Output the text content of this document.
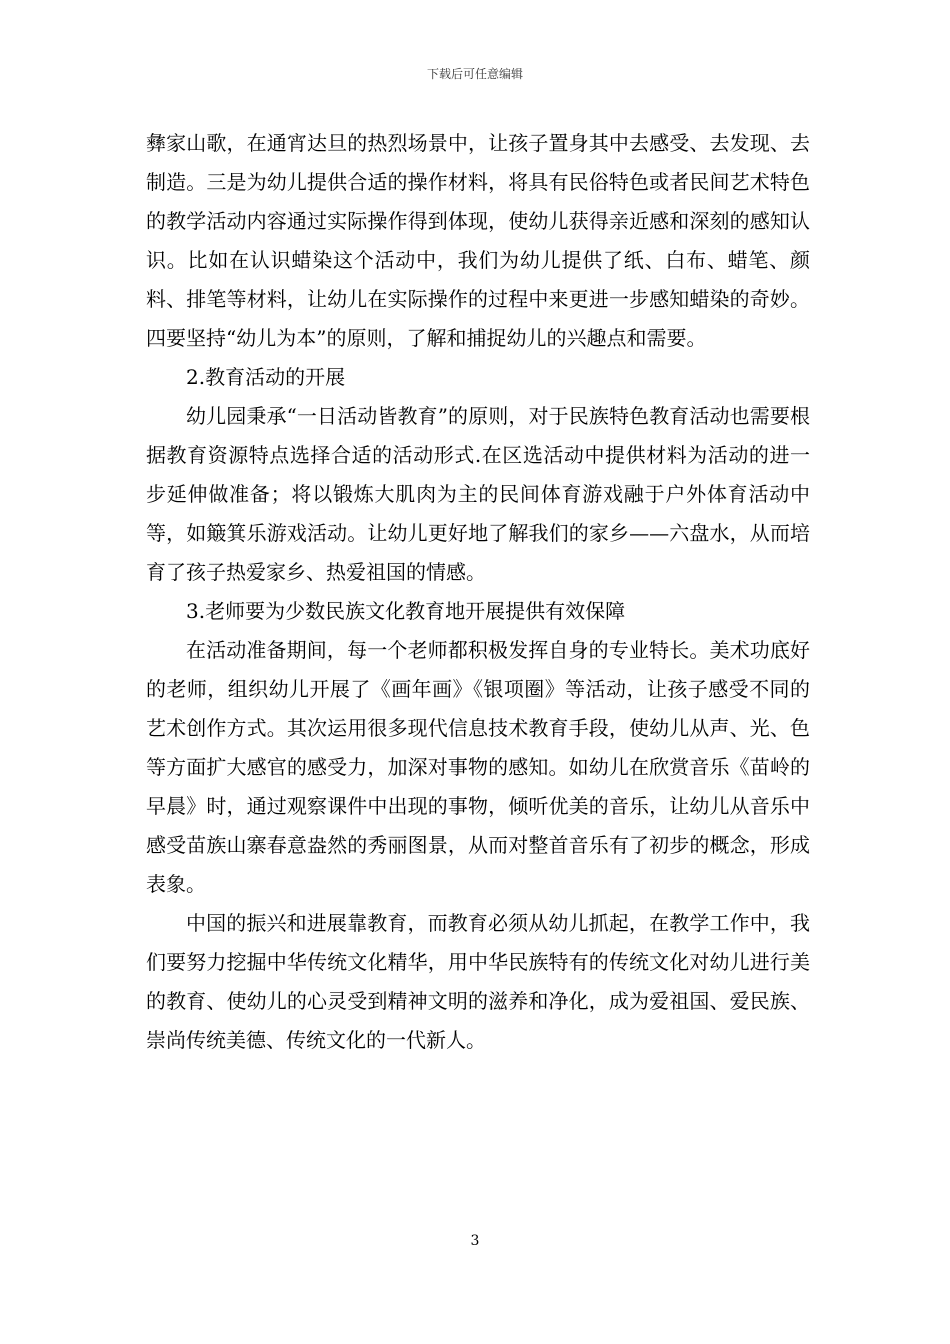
下载后可任意编辑

彝家山歌，在通宵达旦的热烈场景中，让孩子置身其中去感受、去发现、去制造。三是为幼儿提供合适的操作材料，将具有民俗特色或者民间艺术特色的教学活动内容通过实际操作得到体现，使幼儿获得亲近感和深刻的感知认识。比如在认识蜡染这个活动中，我们为幼儿提供了纸、白布、蜡笔、颜料、排笔等材料，让幼儿在实际操作的过程中来更进一步感知蜡染的奇妙。四要坚持“幼儿为本”的原则，了解和捕捉幼儿的兴趣点和需要。

2.教育活动的开展

幼儿园秉承“一日活动皆教育”的原则，对于民族特色教育活动也需要根据教育资源特点选择合适的活动形式.在区选活动中提供材料为活动的进一步延伸做准备；将以锻炼大肌肉为主的民间体育游戏融于户外体育活动中等，如簸箕乐游戏活动。让幼儿更好地了解我们的家乡——六盘水，从而培育了孩子热爱家乡、热爱祖国的情感。

3.老师要为少数民族文化教育地开展提供有效保障

在活动准备期间，每一个老师都积极发挥自身的专业特长。美术功底好的老师，组织幼儿开展了《画年画》《银项圈》等活动，让孩子感受不同的艺术创作方式。其次运用很多现代信息技术教育手段，使幼儿从声、光、色等方面扩大感官的感受力，加深对事物的感知。如幼儿在欣赏音乐《苗岭的早晨》时，通过观察课件中出现的事物，倾听优美的音乐，让幼儿从音乐中感受苗族山寨春意盎然的秀丽图景，从而对整首音乐有了初步的概念，形成表象。

中国的振兴和进展靠教育，而教育必须从幼儿抓起，在教学工作中，我们要努力挖掘中华传统文化精华，用中华民族特有的传统文化对幼儿进行美的教育、使幼儿的心灵受到精神文明的滋养和净化，成为爱祖国、爱民族、崇尚传统美德、传统文化的一代新人。

3
